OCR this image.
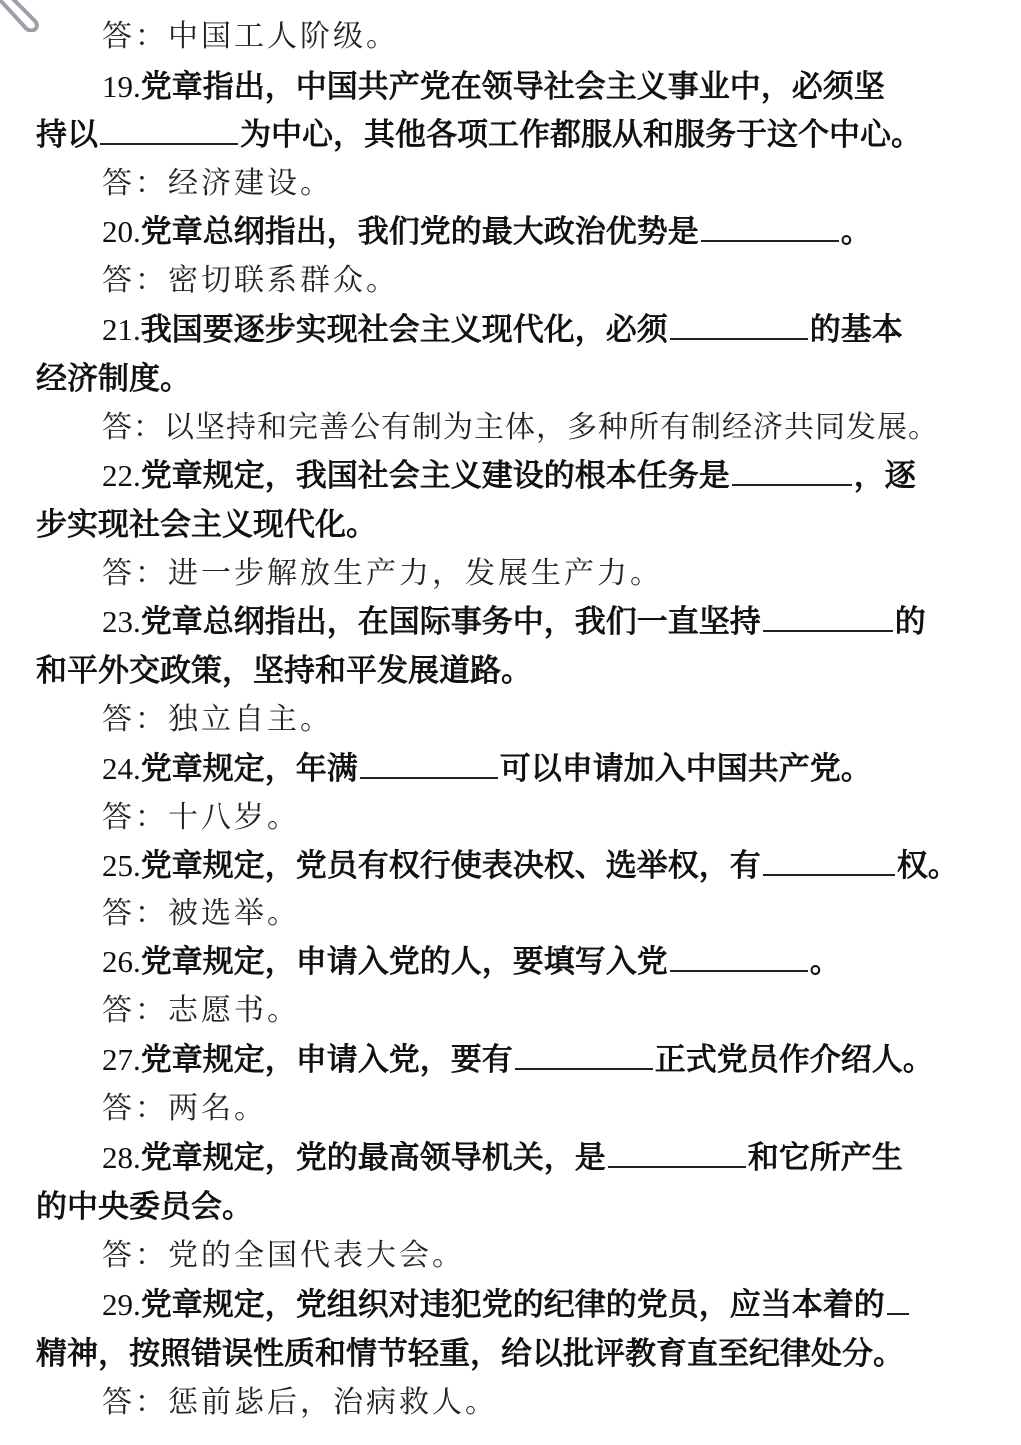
答：中国工人阶级。
19.党章指出，中国共产党在领导社会主义事业中，必须坚
持以	为中心，其他各项工作都服从和服务于这个中心。
答：经济建设。
20.党章总纲指出，我们党的最大政治优势是	。
答：密切联系群众。
21.我国要逐步实现社会主义现代化，必须	的基本
经济制度。
答：以坚持和完善公有制为主体，多种所有制经济共同发展。
22.党章规定，我国社会主义建设的根本任务是	，逐
步实现社会主义现代化。
答：进一步解放生产力，发展生产力。
23.党章总纲指出，在国际事务中，我们一直坚持	的
和平外交政策，坚持和平发展道路。
答：独立自主。
24.党章规定，年满	可以申请加入中国共产党。
答：十八岁。
25.党章规定，党员有权行使表决权、选举权，有	权。
答：被选举。
26.党章规定，申请入党的人，要填写入党	。
答：志愿书。
27.党章规定，申请入党，要有	正式党员作介绍人。
答：两名。
28.党章规定，党的最高领导机关，是	和它所产生
的中央委员会。
答：党的全国代表大会。
29.党章规定，党组织对违犯党的纪律的党员，应当本着的
精神，按照错误性质和情节轻重，给以批评教育直至纪律处分。
答：惩前毖后，治病救人。
